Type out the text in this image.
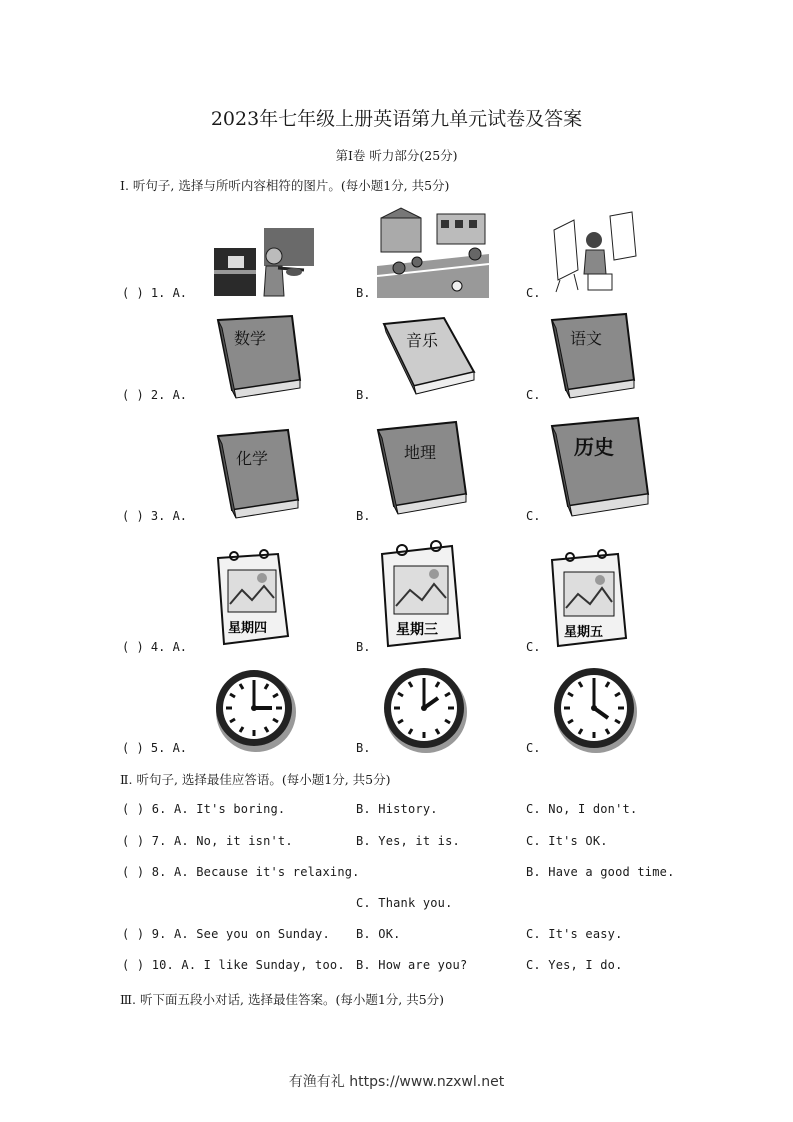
2023年七年级上册英语第九单元试卷及答案
第Ⅰ卷 听力部分(25分)
Ⅰ. 听句子, 选择与所听内容相符的图片。(每小题1分, 共5分)
( ) 1. A.	B.	C.
( ) 2. A.	B.	C.
数学	音乐	语文
( ) 3. A.	B.	C.
化学	地理	历史
( ) 4. A.	B.	C.
星期四	星期三	星期五
( ) 5. A.	B.	C.
Ⅱ. 听句子, 选择最佳应答语。(每小题1分, 共5分)
( ) 6. A. It's boring.	B. History.	C. No, I don't.
( ) 7. A. No, it isn't.	B. Yes, it is.	C. It's OK.
( ) 8. A. Because it's relaxing.	B. Have a good time.
C. Thank you.
( ) 9. A. See you on Sunday. B. OK.	C. It's easy.
( ) 10. A. I like Sunday, too. B. How are you?	C. Yes, I do.
Ⅲ. 听下面五段小对话, 选择最佳答案。(每小题1分, 共5分)
有渔有礼 https://www.nzxwl.net
